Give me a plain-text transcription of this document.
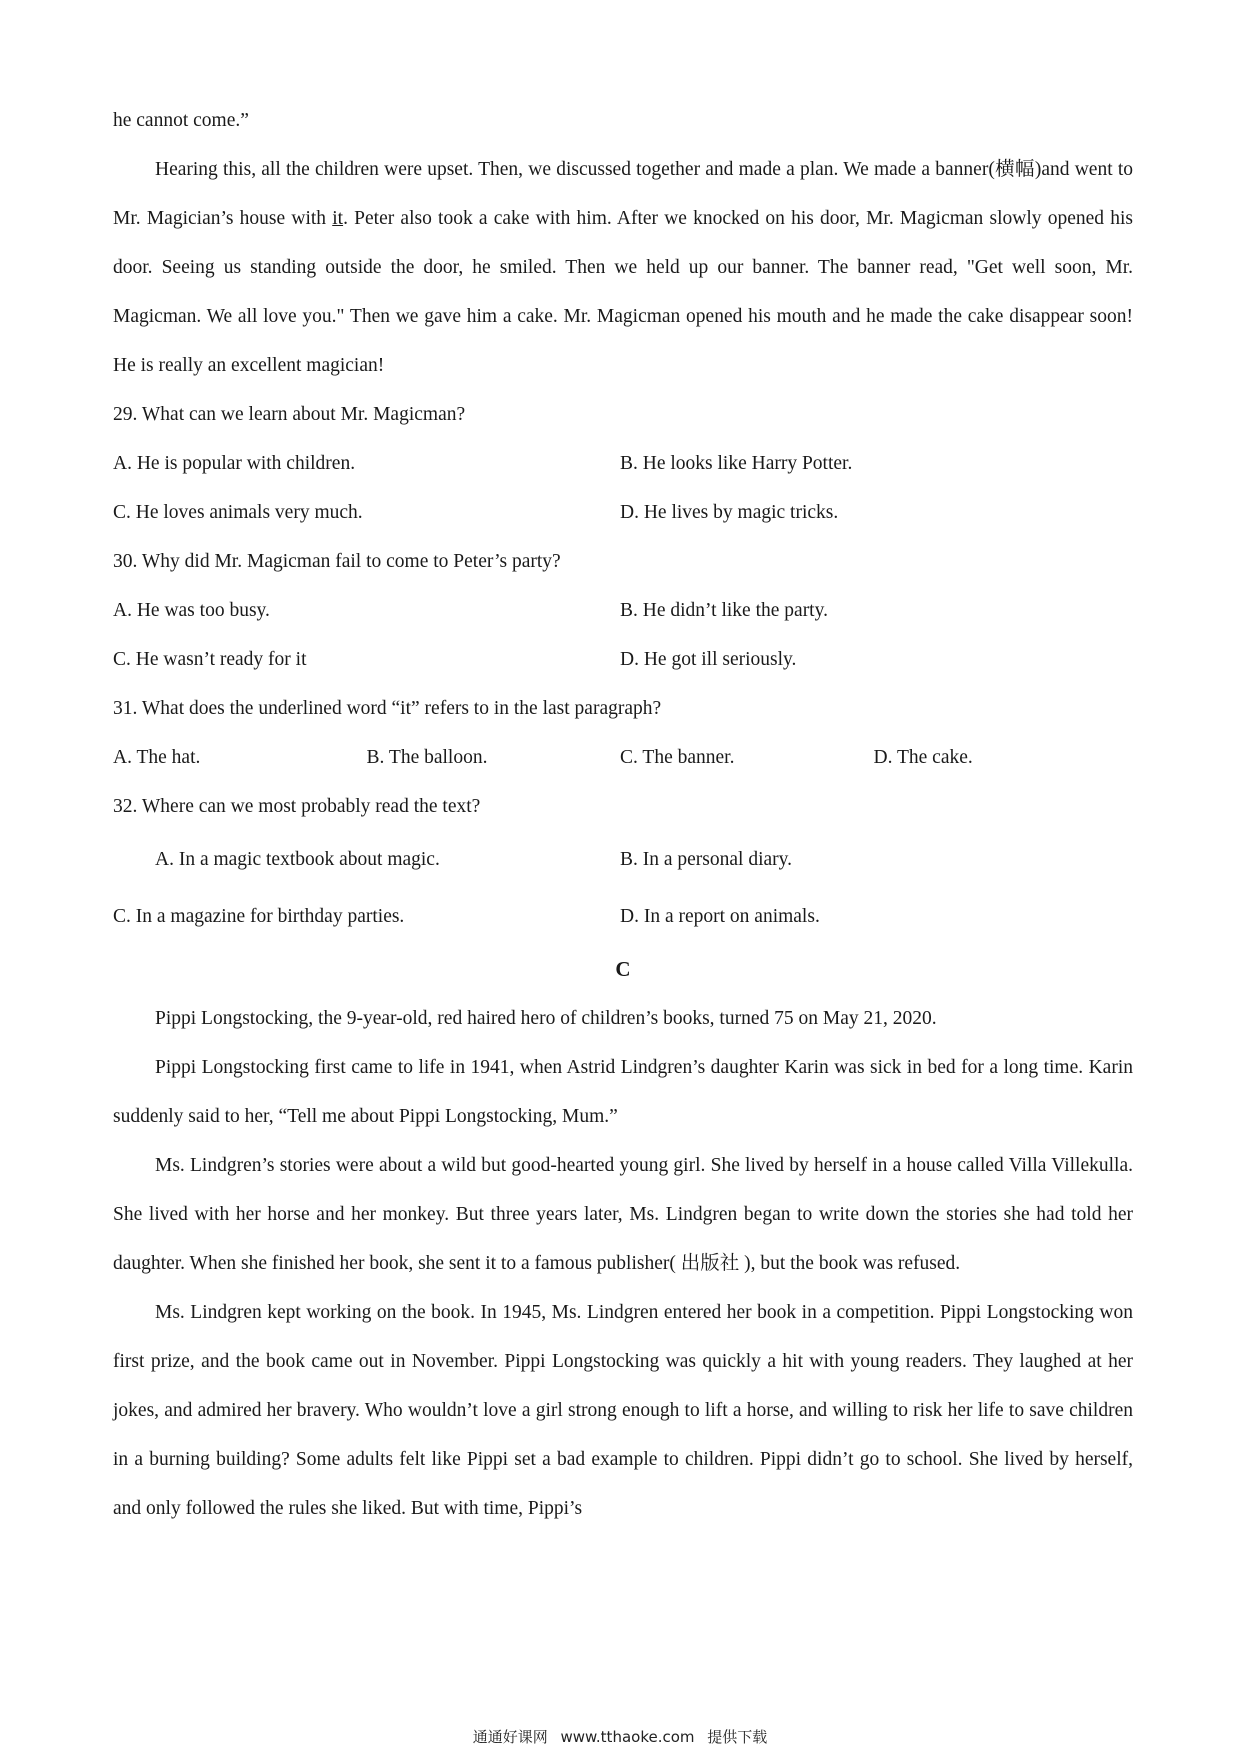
he cannot come.”

Hearing this, all the children were upset. Then, we discussed together and made a plan. We made a banner(横幅)and went to Mr. Magician’s house with it. Peter also took a cake with him. After we knocked on his door, Mr. Magicman slowly opened his door. Seeing us standing outside the door, he smiled. Then we held up our banner. The banner read, "Get well soon, Mr. Magicman. We all love you." Then we gave him a cake. Mr. Magicman opened his mouth and he made the cake disappear soon! He is really an excellent magician!

29. What can we learn about Mr. Magicman?

A. He is popular with children.	B. He looks like Harry Potter.
C. He loves animals very much.	D. He lives by magic tricks.

30. Why did Mr. Magicman fail to come to Peter’s party?

A. He was too busy.	B. He didn’t like the party.
C. He wasn’t ready for it	D. He got ill seriously.

31. What does the underlined word “it” refers to in the last paragraph?

A. The hat.	B. The balloon.	C. The banner.	D. The cake.

32. Where can we most probably read the text?

A. In a magic textbook about magic.	B. In a personal diary.
C. In a magazine for birthday parties.	D. In a report on animals.
C

Pippi Longstocking, the 9-year-old, red haired hero of children’s books, turned 75 on May 21, 2020.

Pippi Longstocking first came to life in 1941, when Astrid Lindgren’s daughter Karin was sick in bed for a long time. Karin suddenly said to her, “Tell me about Pippi Longstocking, Mum.”

Ms. Lindgren’s stories were about a wild but good-hearted young girl. She lived by herself in a house called Villa Villekulla. She lived with her horse and her monkey. But three years later, Ms. Lindgren began to write down the stories she had told her daughter. When she finished her book, she sent it to a famous publisher( 出版社 ), but the book was refused.

Ms. Lindgren kept working on the book. In 1945, Ms. Lindgren entered her book in a competition. Pippi Longstocking won first prize, and the book came out in November. Pippi Longstocking was quickly a hit with young readers. They laughed at her jokes, and admired her bravery. Who wouldn’t love a girl strong enough to lift a horse, and willing to risk her life to save children in a burning building? Some adults felt like Pippi set a bad example to children. Pippi didn’t go to school. She lived by herself, and only followed the rules she liked. But with time, Pippi’s

通通好课网 www.tthaoke.com 提供下载
